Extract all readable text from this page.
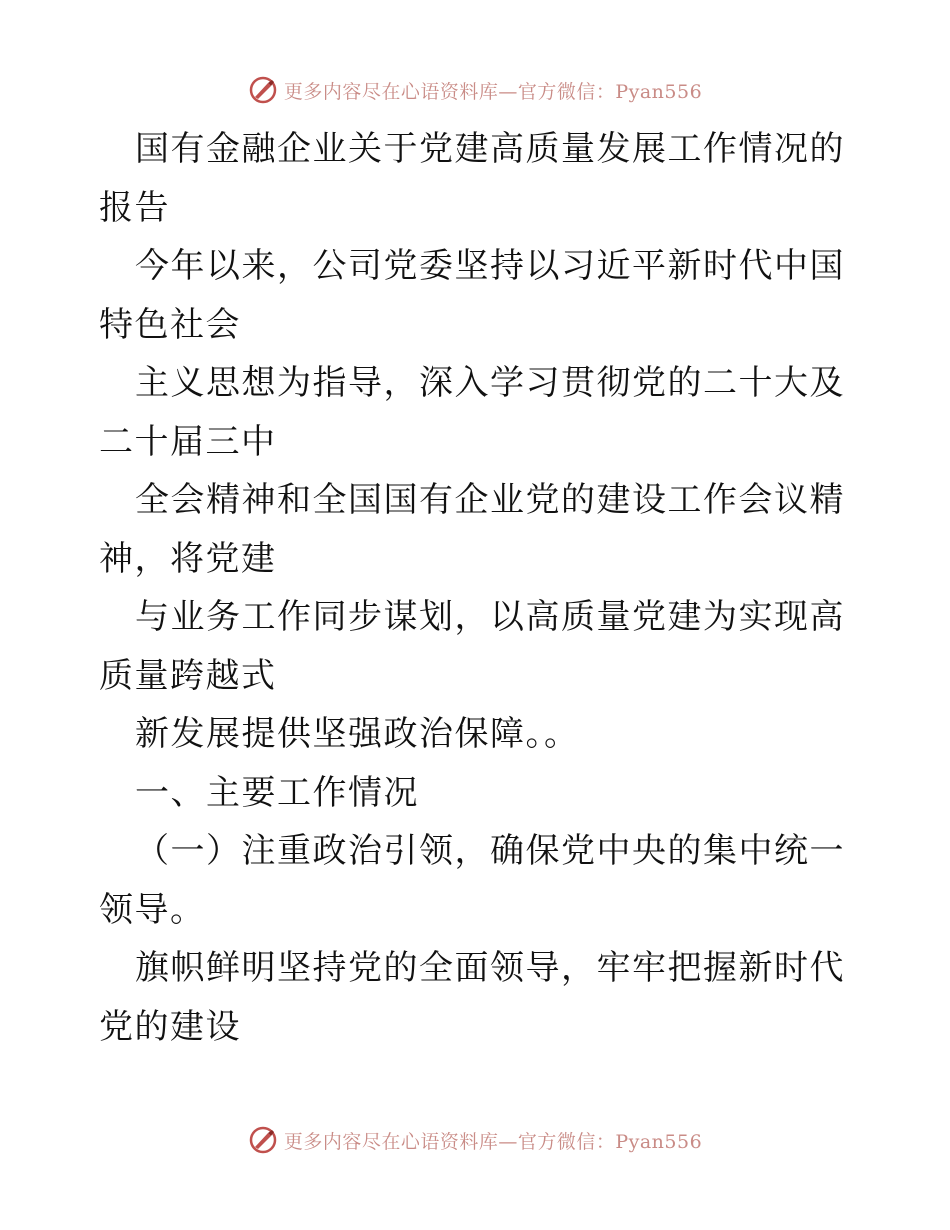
更多内容尽在心语资料库—官方微信：Pyan556

国有金融企业关于党建高质量发展工作情况的报告

今年以来，公司党委坚持以习近平新时代中国特色社会

主义思想为指导，深入学习贯彻党的二十大及二十届三中

全会精神和全国国有企业党的建设工作会议精神，将党建

与业务工作同步谋划，以高质量党建为实现高质量跨越式

新发展提供坚强政治保障。。

一、主要工作情况

（一）注重政治引领，确保党中央的集中统一领导。

旗帜鲜明坚持党的全面领导，牢牢把握新时代党的建设

更多内容尽在心语资料库—官方微信：Pyan556
